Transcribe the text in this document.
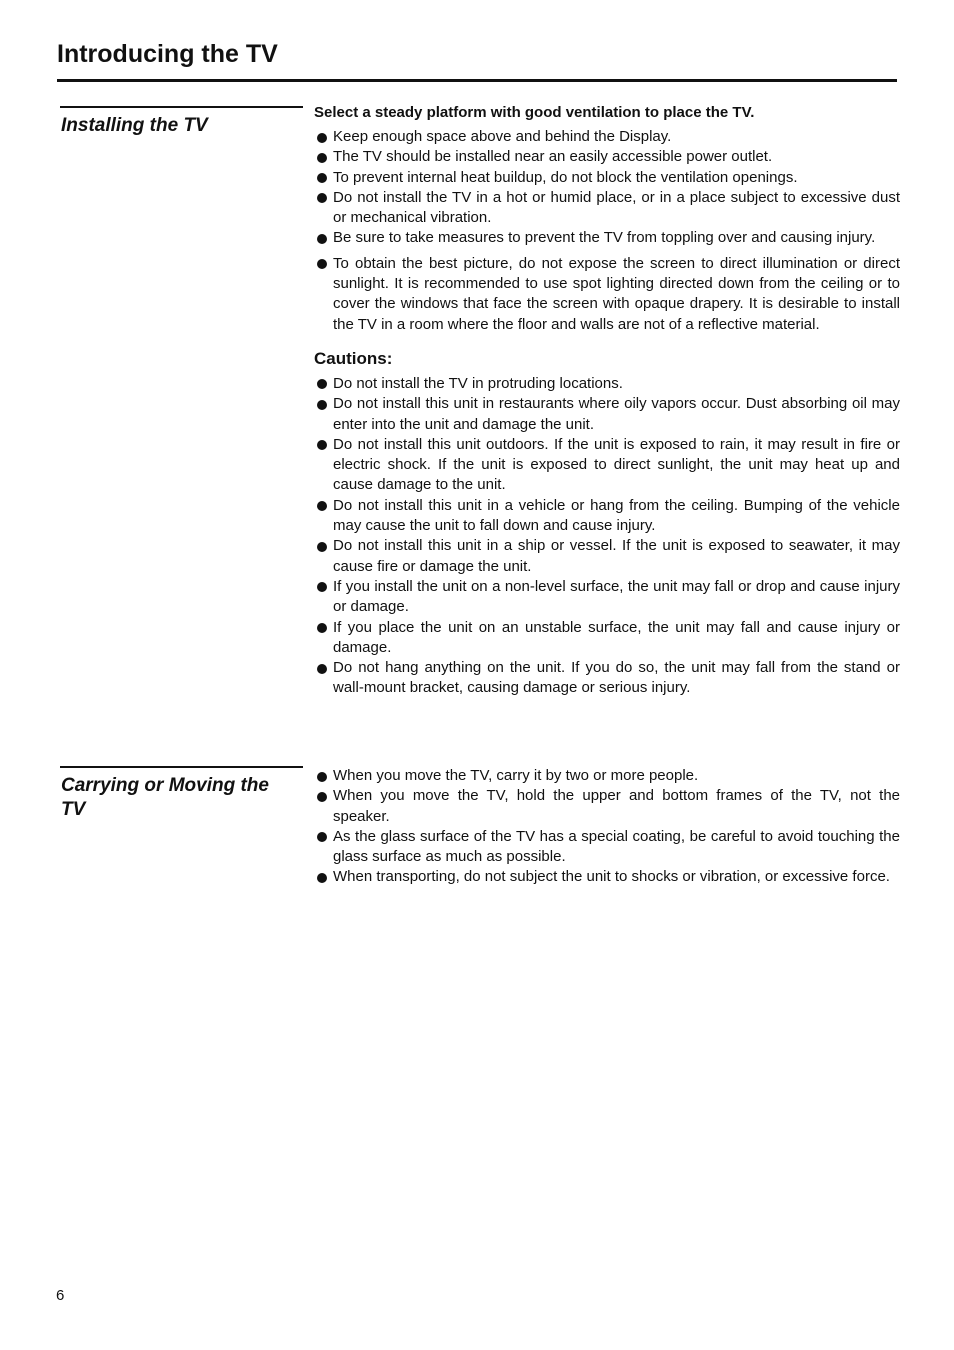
Introducing the TV
Installing the TV

Select a steady platform with good ventilation to place the TV.

Keep enough space above and behind the Display.
The TV should be installed near an easily accessible power outlet.
To prevent internal heat buildup, do not block the ventilation openings.
Do not install the TV in a hot or humid place, or in a place subject to excessive dust or mechanical vibration.
Be sure to take measures to prevent the TV from toppling over and causing injury.
To obtain the best picture, do not expose the screen to direct illumination or direct sunlight. It is recommended to use spot lighting directed down from the ceiling or to cover the windows that face the screen with opaque drapery. It is desirable to install the TV in a room where the floor and walls are not of a reflective material.

Cautions:

Do not install the TV in protruding locations.
Do not install this unit in restaurants where oily vapors occur. Dust absorbing oil may enter into the unit and damage the unit.
Do not install this unit outdoors. If the unit is exposed to rain, it may result in fire or electric shock. If the unit is exposed to direct sunlight, the unit may heat up and cause damage to the unit.
Do not install this unit in a vehicle or hang from the ceiling. Bumping of the vehicle may cause the unit to fall down and cause injury.
Do not install this unit in a ship or vessel. If the unit is exposed to seawater, it may cause fire or damage the unit.
If you install the unit on a non-level surface, the unit may fall or drop and cause injury or damage.
If you place the unit on an unstable surface, the unit may fall and cause injury or damage.
Do not hang anything on the unit. If you do so, the unit may fall from the stand or wall-mount bracket, causing damage or serious injury.
Carrying or Moving the TV
When you move the TV, carry it by two or more people.
When you move the TV, hold the upper and bottom frames of the TV, not the speaker.
As the glass surface of the TV has a special coating, be careful to avoid touching the glass surface as much as possible.
When transporting, do not subject the unit to shocks or vibration, or excessive force.
6
